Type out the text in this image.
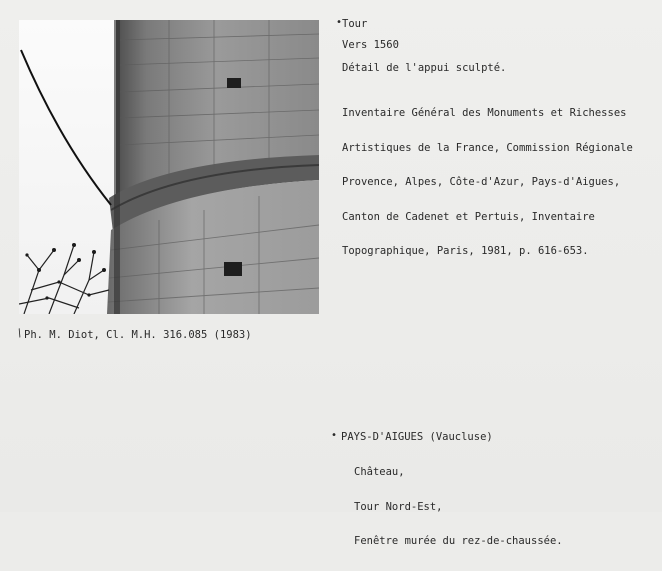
• Tour
Vers 1560
Détail de l'appui sculpté.

Inventaire Général des Monuments et Richesses

Artistiques de la France, Commission Régionale

Provence, Alpes, Côte-d'Azur, Pays-d'Aigues,

Canton de Cadenet et Pertuis, Inventaire

Topographique, Paris, 1981, p. 616-653.

/
Ph. M. Diot, Cl. M.H. 316.085 (1983)
• PAYS-D'AIGUES (Vaucluse)

Château,

Tour Nord-Est,

Fenêtre murée du rez-de-chaussée.
